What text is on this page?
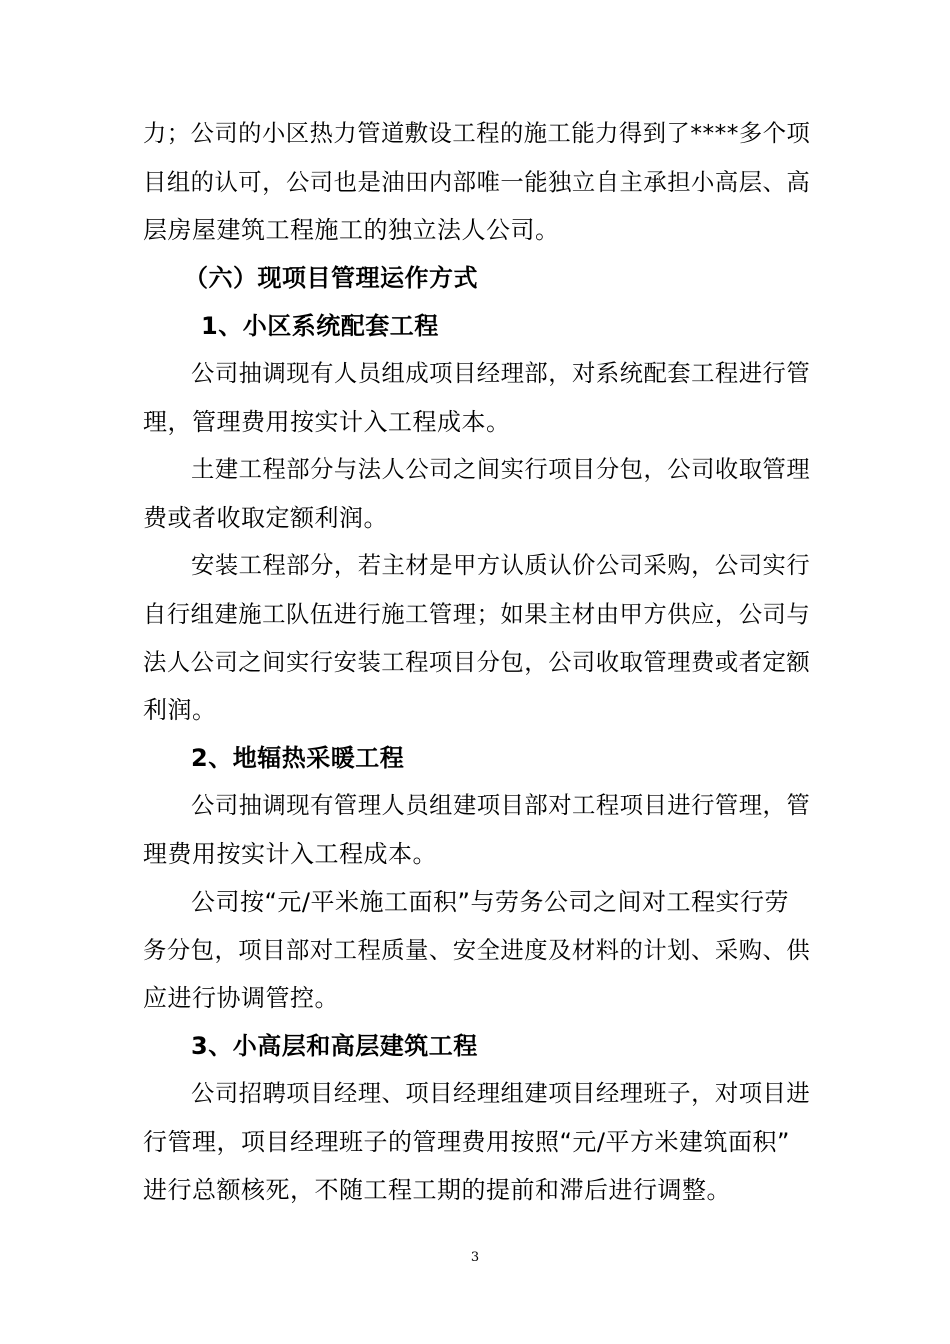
力；公司的小区热力管道敷设工程的施工能力得到了****多个项
目组的认可，公司也是油田内部唯一能独立自主承担小高层、高
层房屋建筑工程施工的独立法人公司。
（六）现项目管理运作方式
1、小区系统配套工程
公司抽调现有人员组成项目经理部，对系统配套工程进行管
理，管理费用按实计入工程成本。
土建工程部分与法人公司之间实行项目分包，公司收取管理
费或者收取定额利润。
安装工程部分，若主材是甲方认质认价公司采购，公司实行
自行组建施工队伍进行施工管理；如果主材由甲方供应，公司与
法人公司之间实行安装工程项目分包，公司收取管理费或者定额
利润。
2、地辐热采暖工程
公司抽调现有管理人员组建项目部对工程项目进行管理，管
理费用按实计入工程成本。
公司按“元/平米施工面积”与劳务公司之间对工程实行劳
务分包，项目部对工程质量、安全进度及材料的计划、采购、供
应进行协调管控。
3、小高层和高层建筑工程
公司招聘项目经理、项目经理组建项目经理班子，对项目进
行管理，项目经理班子的管理费用按照“元/平方米建筑面积”
进行总额核死，不随工程工期的提前和滞后进行调整。
3
